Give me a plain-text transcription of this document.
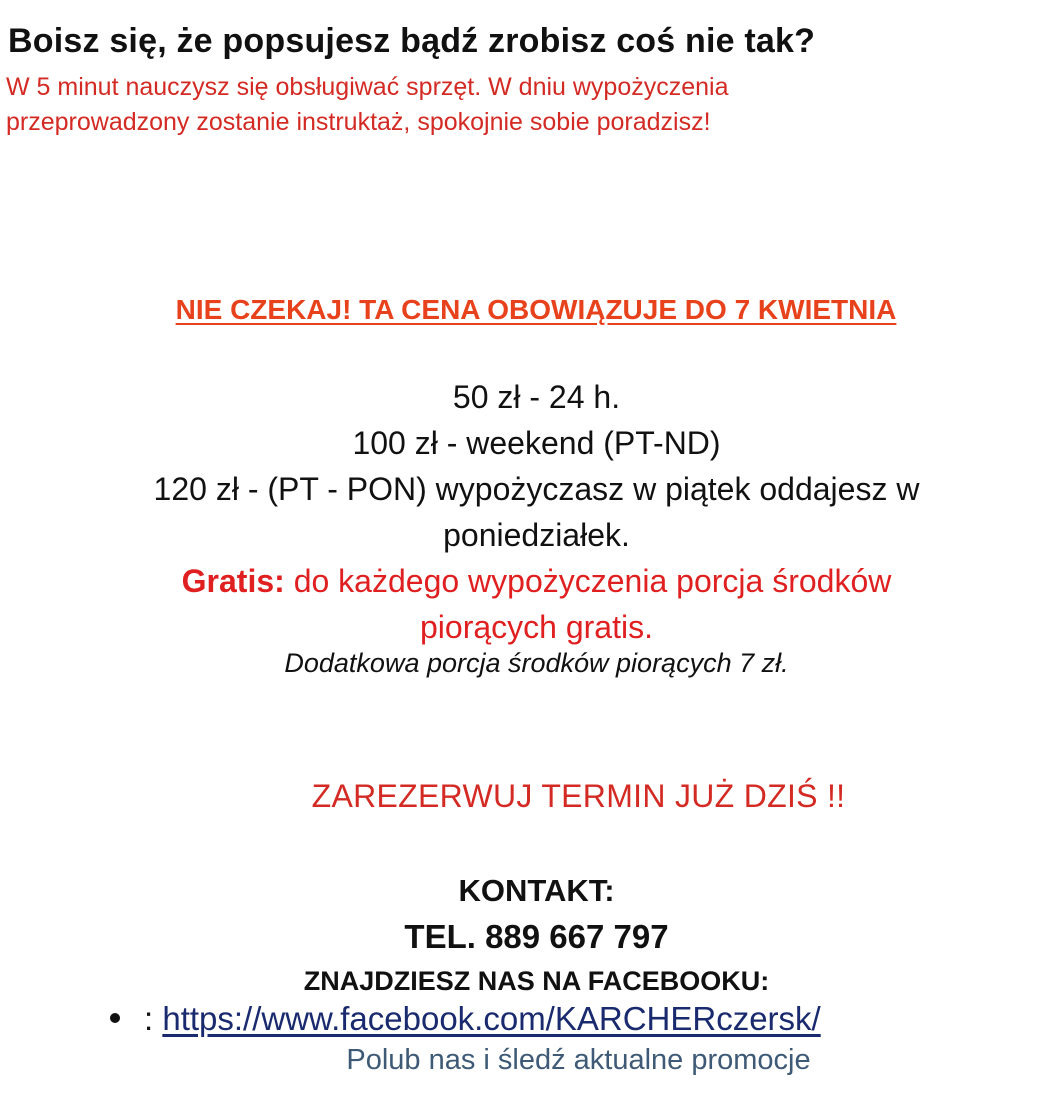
Boisz się, że popsujesz bądź zrobisz coś nie tak?
W 5 minut nauczysz się obsługiwać sprzęt. W dniu wypożyczenia
przeprowadzony zostanie instruktaż, spokojnie sobie poradzisz!
NIE CZEKAJ! TA CENA OBOWIĄZUJE DO 7 KWIETNIA
50 zł - 24 h.
100 zł - weekend (PT-ND)
120 zł - (PT - PON) wypożyczasz w piątek oddajesz w
poniedziałek.
Gratis: do każdego wypożyczenia porcja środków
piorących gratis.
Dodatkowa porcja środków piorących 7 zł.
ZAREZERWUJ TERMIN JUŻ DZIŚ !!
KONTAKT:
TEL. 889 667 797
ZNAJDZIESZ NAS NA FACEBOOKU:
: https://www.facebook.com/KARCHERczersk/
Polub nas i śledź aktualne promocje
